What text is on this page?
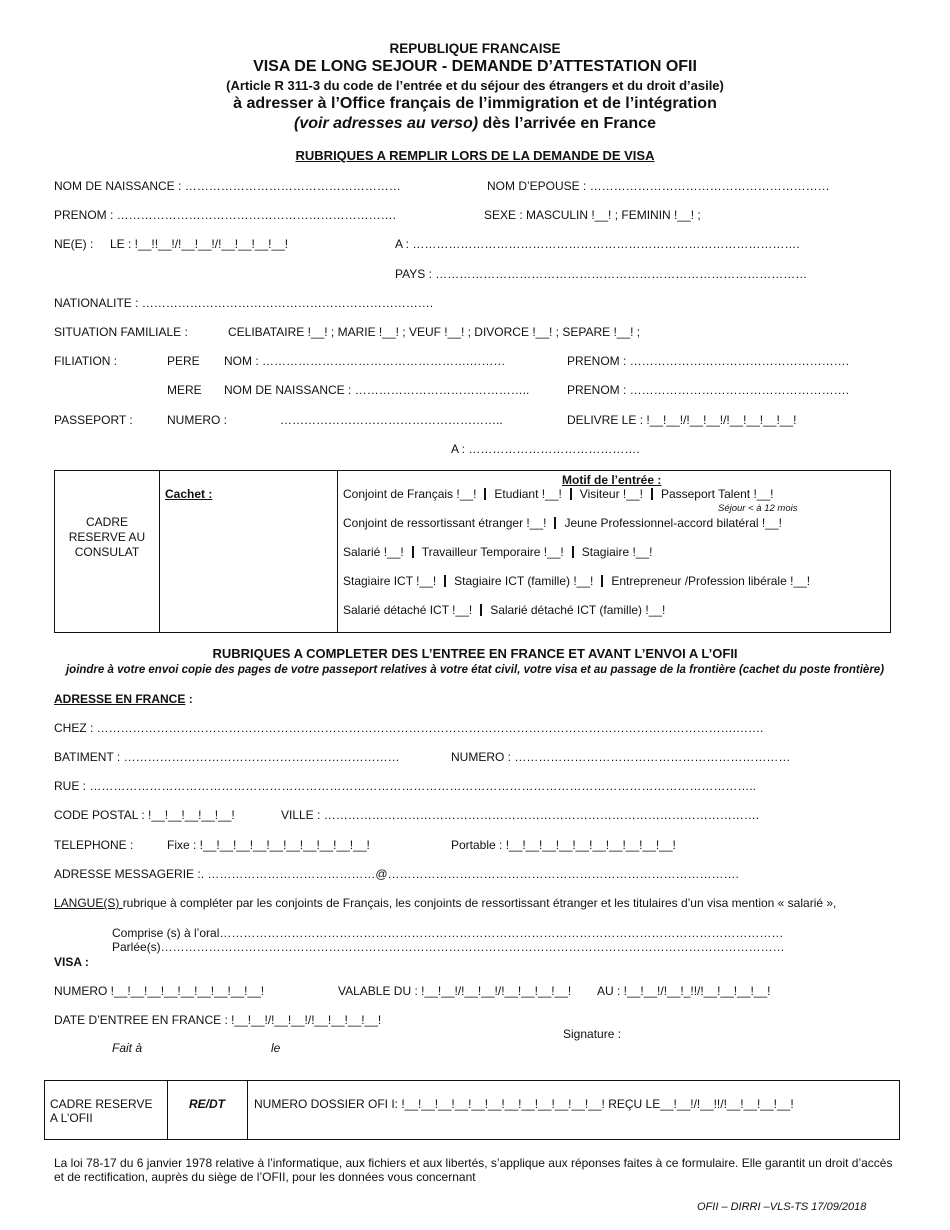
REPUBLIQUE FRANCAISE
VISA DE LONG SEJOUR - DEMANDE D’ATTESTATION OFII
(Article R 311-3 du code de l’entrée et du séjour des étrangers et du droit d’asile)
à adresser à l’Office français de l’immigration et de l’intégration
(voir adresses au verso) dès l’arrivée en France
RUBRIQUES A REMPLIR LORS DE LA DEMANDE DE VISA
NOM DE NAISSANCE : ………………………………………………	NOM D’EPOUSE : ……………………………………………………
PRENOM : …………………………………………………………….	SEXE : MASCULIN !__! ; FEMININ !__! ;
NE(E) : LE : !__!!__!/!__!__!/!__!__!__!__!	A : …………………………………………………………………………………….
PAYS : …………………………………………………………………………………
NATIONALITE : ……………………………………………………………….
SITUATION FAMILIALE :	CELIBATAIRE !__! ; MARIE !__! ; VEUF !__! ; DIVORCE !__! ; SEPARE !__! ;
FILIATION :	PERE NOM : …………………………………………….………	PRENOM : ……………………………………………….
MERE NOM DE NAISSANCE : ……………………………………..	PRENOM : ……………………………………………….
PASSEPORT :	NUMERO :	………………………………………………..	DELIVRE LE : !__!__!/!__!__!/!__!__!__!__!
A : …………………………………….
CADRE RESERVE AU CONSULAT
Cachet :
Motif de l’entrée :
Conjoint de Français !__! Etudiant !__! Visiteur !__! Passeport Talent !__!
Séjour < à 12 mois
Conjoint de ressortissant étranger !__! Jeune Professionnel-accord bilatéral !__!
Salarié !__! Travailleur Temporaire !__! Stagiaire !__!
Stagiaire ICT !__! Stagiaire ICT (famille) !__! Entrepreneur /Profession libérale !__!
Salarié détaché ICT !__! Salarié détaché ICT (famille) !__!
RUBRIQUES A COMPLETER DES L’ENTREE EN FRANCE ET AVANT L’ENVOI A L’OFII
joindre à votre envoi copie des pages de votre passeport relatives à votre état civil, votre visa et au passage de la frontière (cachet du poste frontière)
ADRESSE EN FRANCE :
CHEZ : …………………………………………………………………………………………………………………………………………….…….
BATIMENT : ……………………………………………………………	NUMERO : ……………………………………………………………
RUE : …………………………………………………………………………………………………………………………………………………..
CODE POSTAL : !__!__!__!__!__!	VILLE : ……………………………………………………………………………………………….
TELEPHONE :	Fixe : !__!__!__!__!__!__!__!__!__!__!	Portable : !__!__!__!__!__!__!__!__!__!__!
ADRESSE MESSAGERIE :. ……………………………………@…………………………………………………………………………….
LANGUE(S) rubrique à compléter par les conjoints de Français, les conjoints de ressortissant étranger et les titulaires d’un visa mention « salarié »,
Comprise (s) à l’oral……………………………………………………………………………………………………………………………
Parlée(s)…………………………………………………………………………………………………………………………………………
VISA :
NUMERO !__!__!__!__!__!__!__!__!__!	VALABLE DU : !__!__!/!__!__!/!__!__!__!__! AU : !__!__!/!__!_!!/!__!__!__!__!
DATE D’ENTREE EN FRANCE : !__!__!/!__!__!/!__!__!__!__!
Signature :
Fait à	le
CADRE RESERVE A L’OFII
RE/DT NUMERO DOSSIER OFI I: !__!__!__!__!__!__!__!__!__!__!__!__! REÇU LE__!__!/!__!!/!__!__!__!__!
La loi 78-17 du 6 janvier 1978 relative à l’informatique, aux fichiers et aux libertés, s’applique aux réponses faites à ce formulaire. Elle garantit un droit d’accès et de rectification, auprès du siège de l’OFII, pour les données vous concernant
OFII – DIRRI –VLS-TS 17/09/2018
